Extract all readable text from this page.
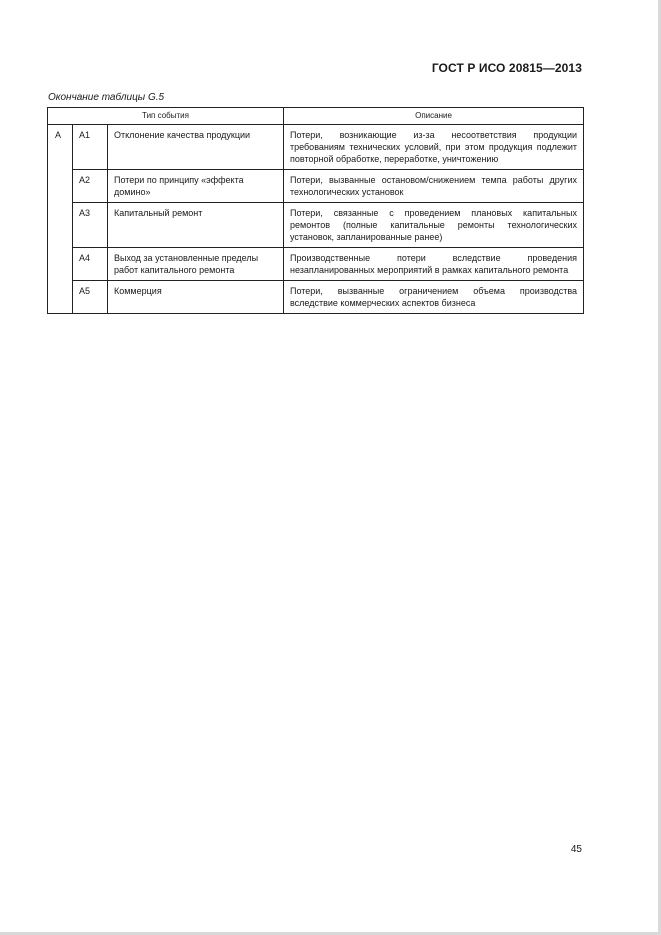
ГОСТ Р ИСО 20815—2013
Окончание таблицы G.5
Тип события			Описание
A	A1	Отклонение качества продукции	Потери, возникающие из-за несоответствия продукции требованиям технических условий, при этом продукция подлежит повторной обработке, переработке, уничтожению
	A2	Потери по принципу «эффекта домино»	Потери, вызванные остановом/снижением темпа работы других технологических установок
	A3	Капитальный ремонт	Потери, связанные с проведением плановых капитальных ремонтов (полные капитальные ремонты технологических установок, запланированные ранее)
	A4	Выход за установленные пределы работ капитального ремонта	Производственные потери вследствие проведения незапланированных мероприятий в рамках капитального ремонта
	A5	Коммерция	Потери, вызванные ограничением объема производства вследствие коммерческих аспектов бизнеса
45
